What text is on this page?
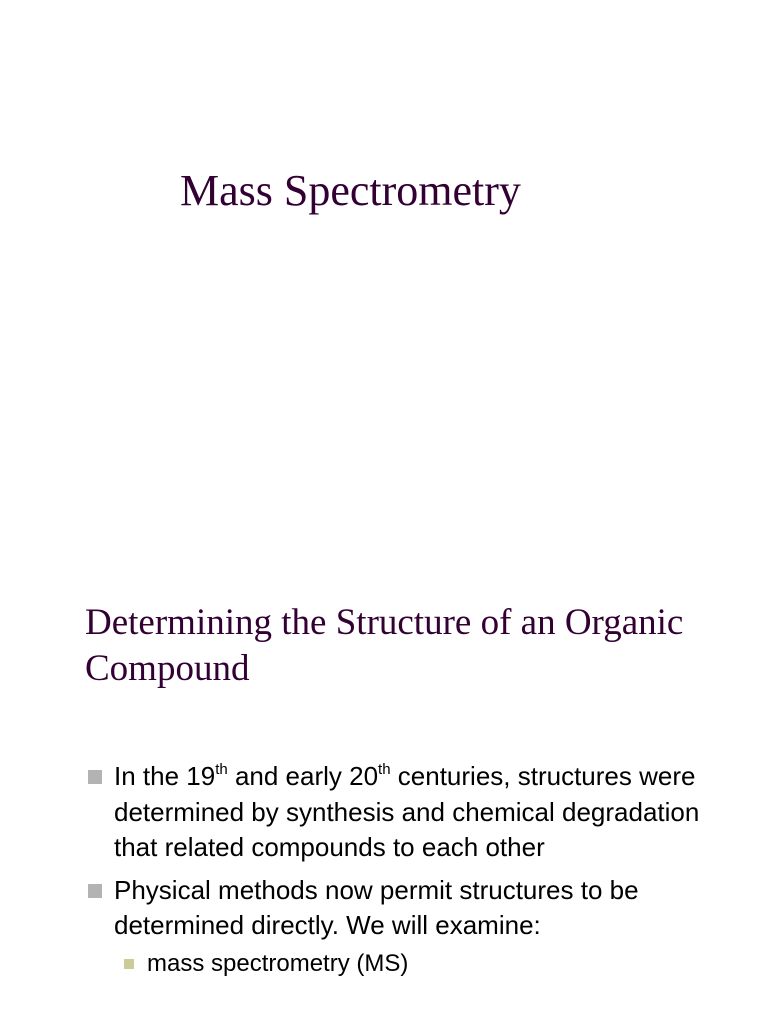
Mass Spectrometry
Determining the Structure of an Organic Compound
In the 19th and early 20th centuries, structures were determined by synthesis and chemical degradation that related compounds to each other
Physical methods now permit structures to be determined directly. We will examine:
mass spectrometry (MS)
